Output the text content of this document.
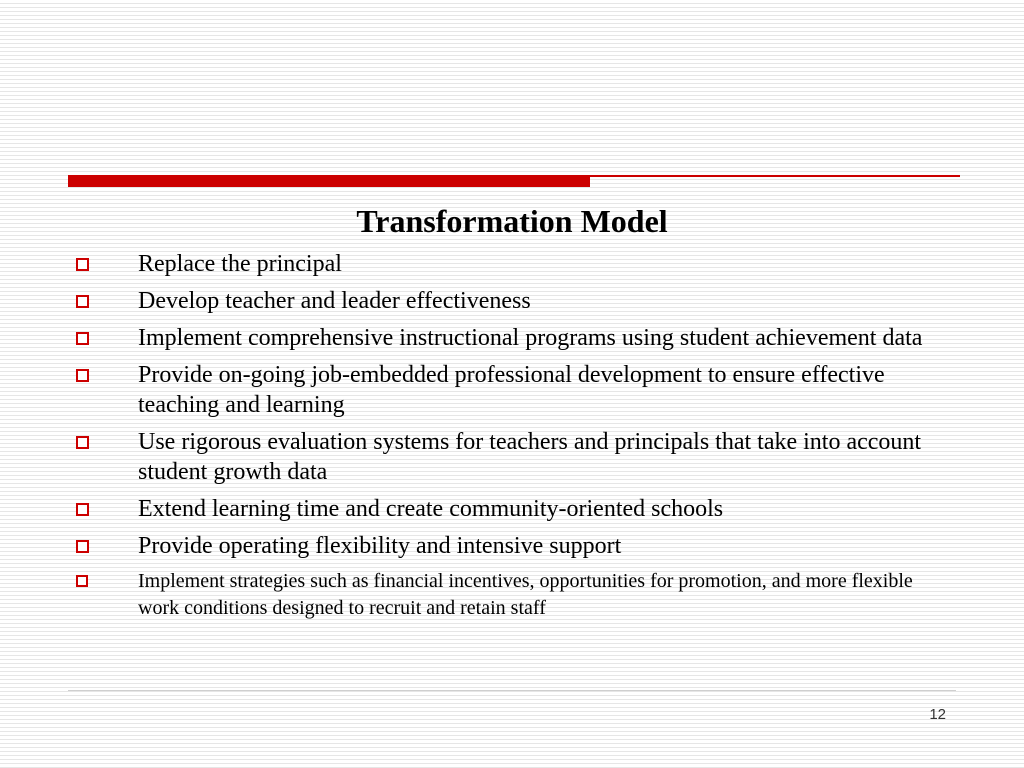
Transformation Model
Replace the principal
Develop teacher and leader effectiveness
Implement comprehensive instructional programs using student achievement data
Provide on-going job-embedded professional development to ensure effective teaching and learning
Use rigorous evaluation systems for teachers and principals that take into account student growth data
Extend learning time and create community-oriented schools
Provide operating flexibility and intensive support
Implement strategies such as financial incentives, opportunities for promotion, and more flexible work conditions designed to recruit and retain staff
12
